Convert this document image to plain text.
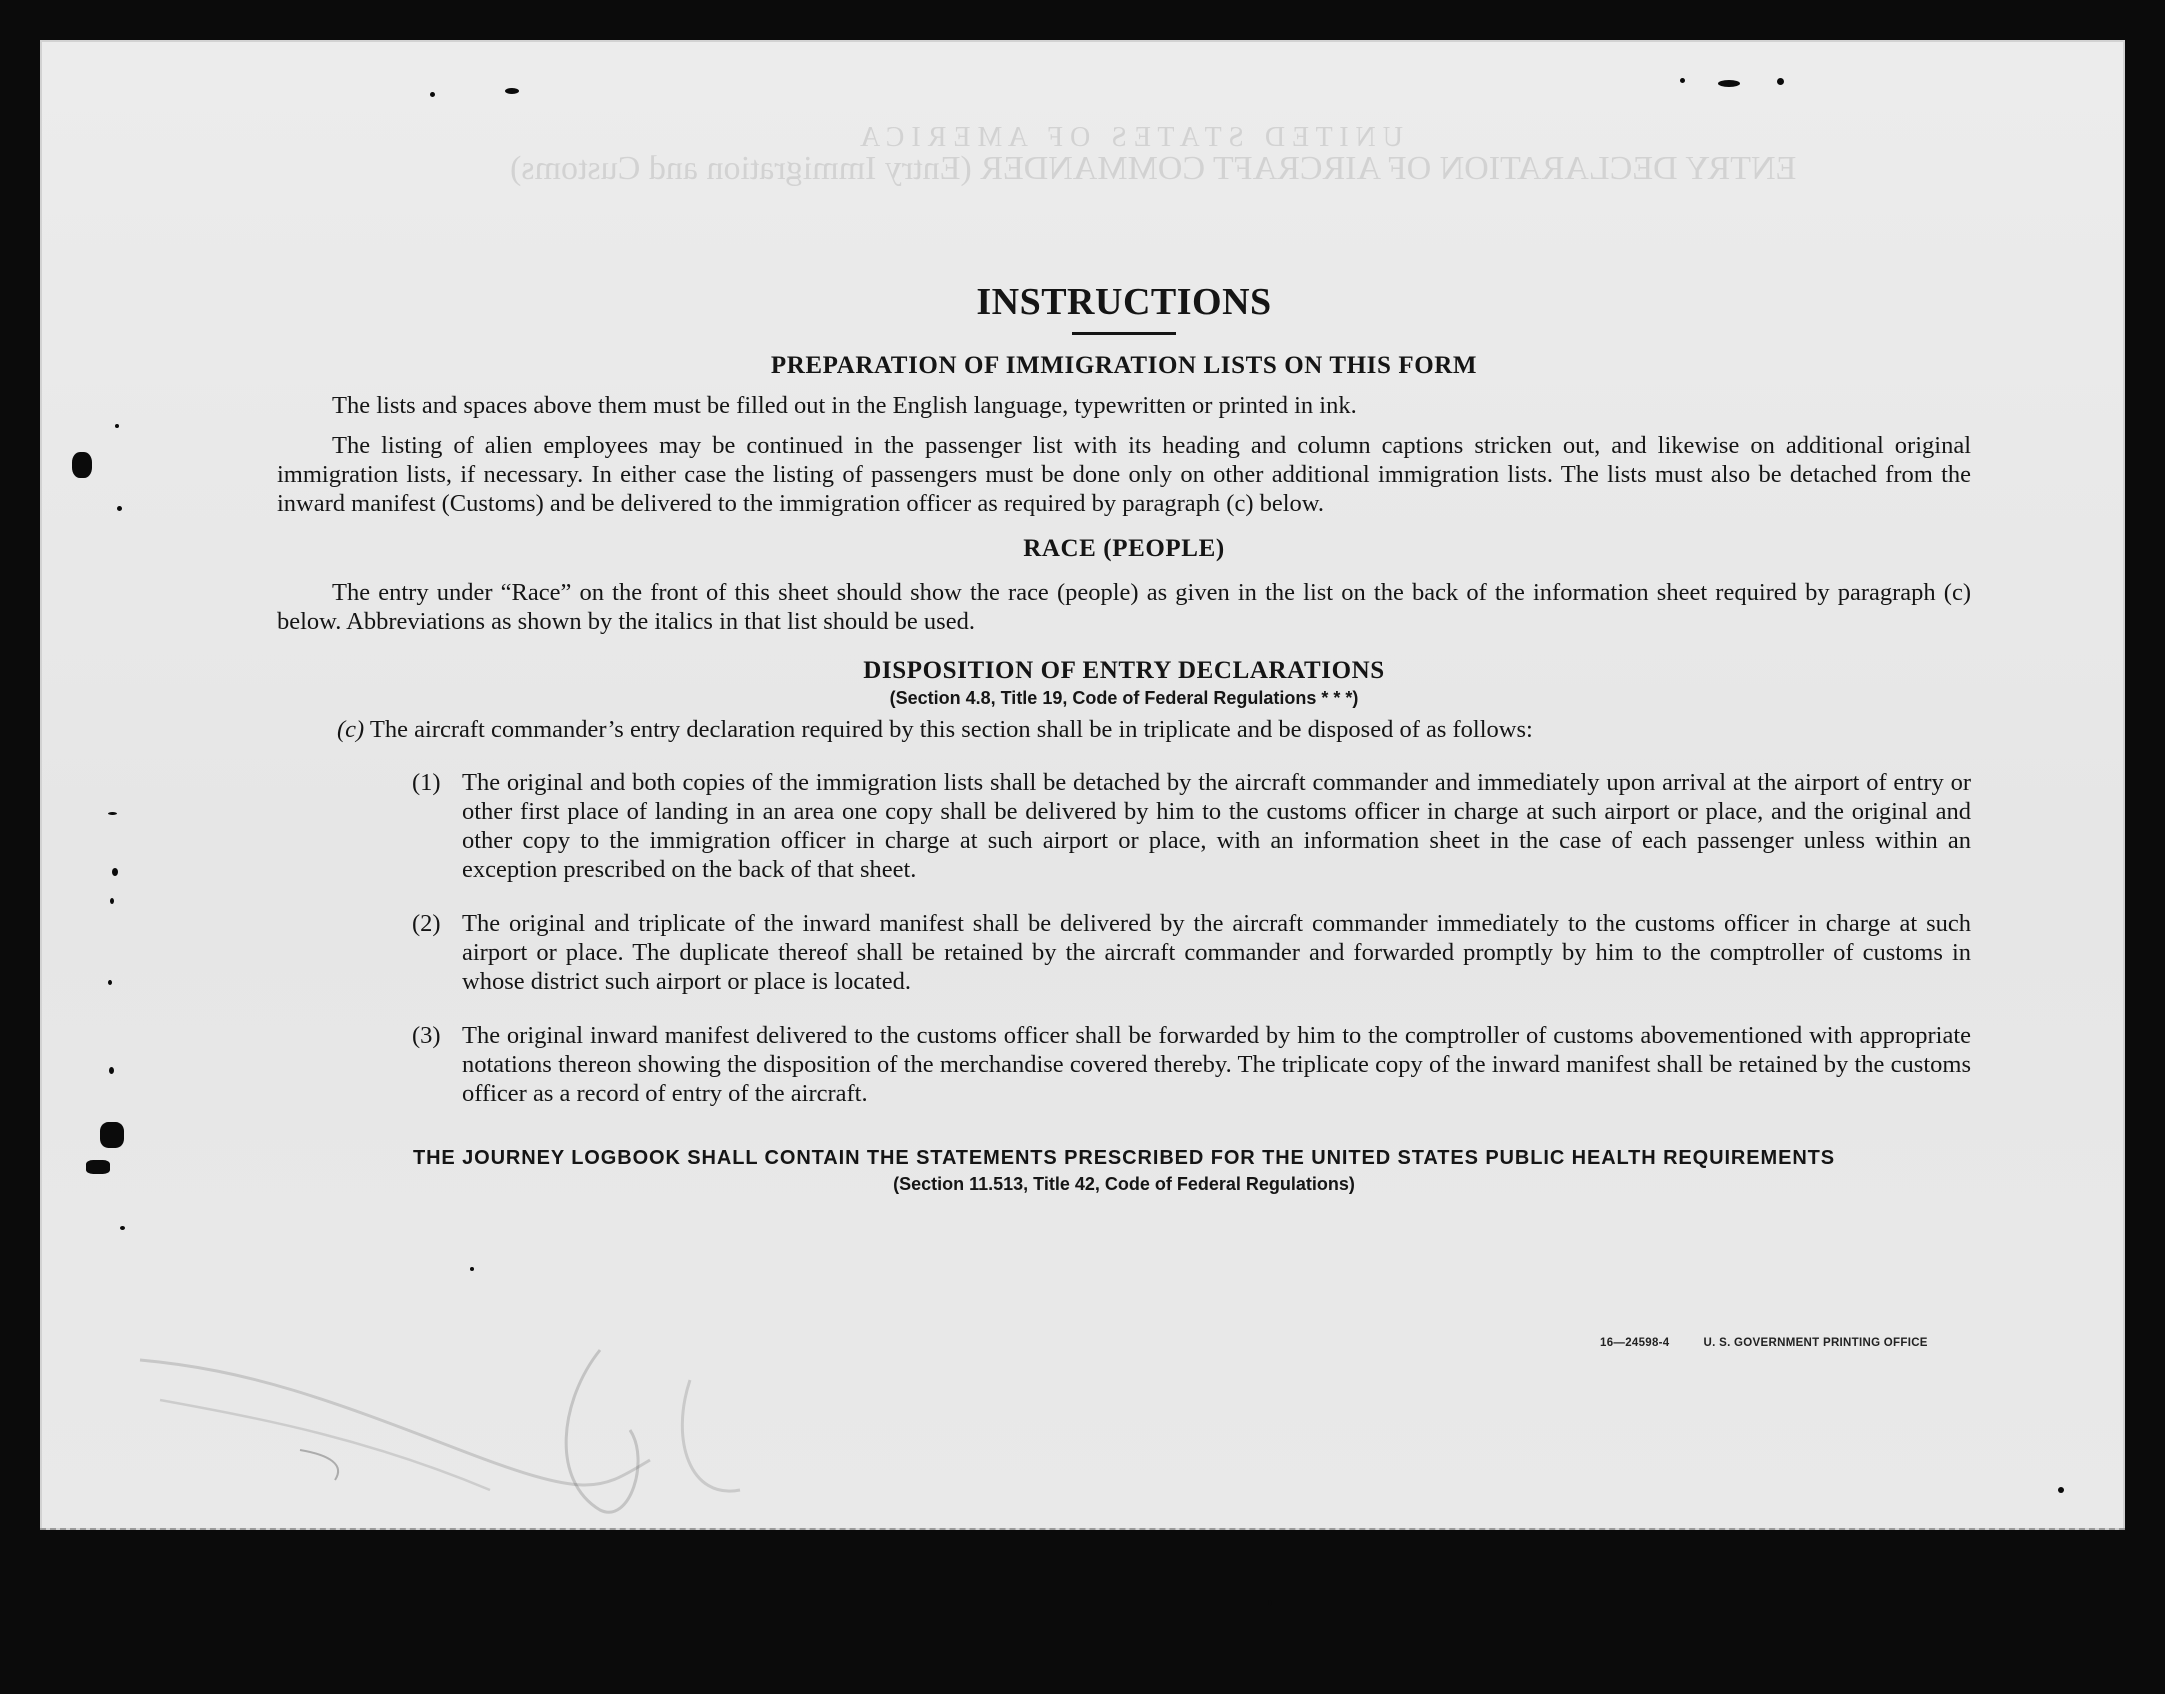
U N I T E D   S T A T E S   O F   A M E R I C A
ENTRY DECLARATION OF AIRCRAFT COMMANDER (Entry Immigration and Customs)
INSTRUCTIONS
PREPARATION OF IMMIGRATION LISTS ON THIS FORM

The lists and spaces above them must be filled out in the English language, typewritten or printed in ink.

The listing of alien employees may be continued in the passenger list with its heading and column captions stricken out, and likewise on additional original immigration lists, if necessary. In either case the listing of passengers must be done only on other additional immigration lists. The lists must also be detached from the inward manifest (Customs) and be delivered to the immigration officer as required by paragraph (c) below.

RACE (PEOPLE)

The entry under “Race” on the front of this sheet should show the race (people) as given in the list on the back of the information sheet required by paragraph (c) below. Abbreviations as shown by the italics in that list should be used.

DISPOSITION OF ENTRY DECLARATIONS
(Section 4.8, Title 19, Code of Federal Regulations * * *)

(c) The aircraft commander’s entry declaration required by this section shall be in triplicate and be disposed of as follows:

(1) The original and both copies of the immigration lists shall be detached by the aircraft commander and immediately upon arrival at the airport of entry or other first place of landing in an area one copy shall be delivered by him to the customs officer in charge at such airport or place, and the original and other copy to the immigration officer in charge at such airport or place, with an information sheet in the case of each passenger unless within an exception prescribed on the back of that sheet.

(2) The original and triplicate of the inward manifest shall be delivered by the aircraft commander immediately to the customs officer in charge at such airport or place. The duplicate thereof shall be retained by the aircraft commander and forwarded promptly by him to the comptroller of customs in whose district such airport or place is located.

(3) The original inward manifest delivered to the customs officer shall be forwarded by him to the comptroller of customs abovementioned with appropriate notations thereon showing the disposition of the merchandise covered thereby. The triplicate copy of the inward manifest shall be retained by the customs officer as a record of entry of the aircraft.

THE JOURNEY LOGBOOK SHALL CONTAIN THE STATEMENTS PRESCRIBED FOR THE UNITED STATES PUBLIC HEALTH REQUIREMENTS
(Section 11.513, Title 42, Code of Federal Regulations)
16—24598-4	U. S. GOVERNMENT PRINTING OFFICE
